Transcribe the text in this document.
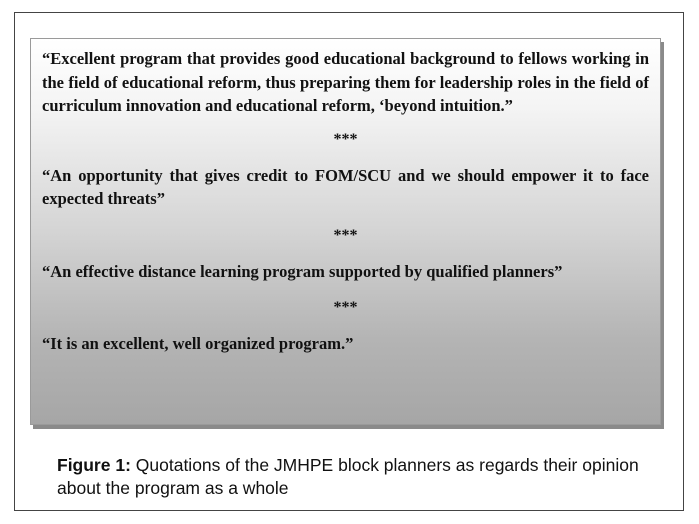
“Excellent program that provides good educational background to fellows working in the field of educational reform, thus preparing them for leadership roles in the field of curriculum innovation and educational reform, ‘beyond intuition.”

***

“An opportunity that gives credit to FOM/SCU and we should empower it to face expected threats”

***

“An effective distance learning program supported by qualified planners”

***

“It is an excellent, well organized program.”

Figure 1: Quotations of the JMHPE block planners as regards their opinion about the program as a whole
